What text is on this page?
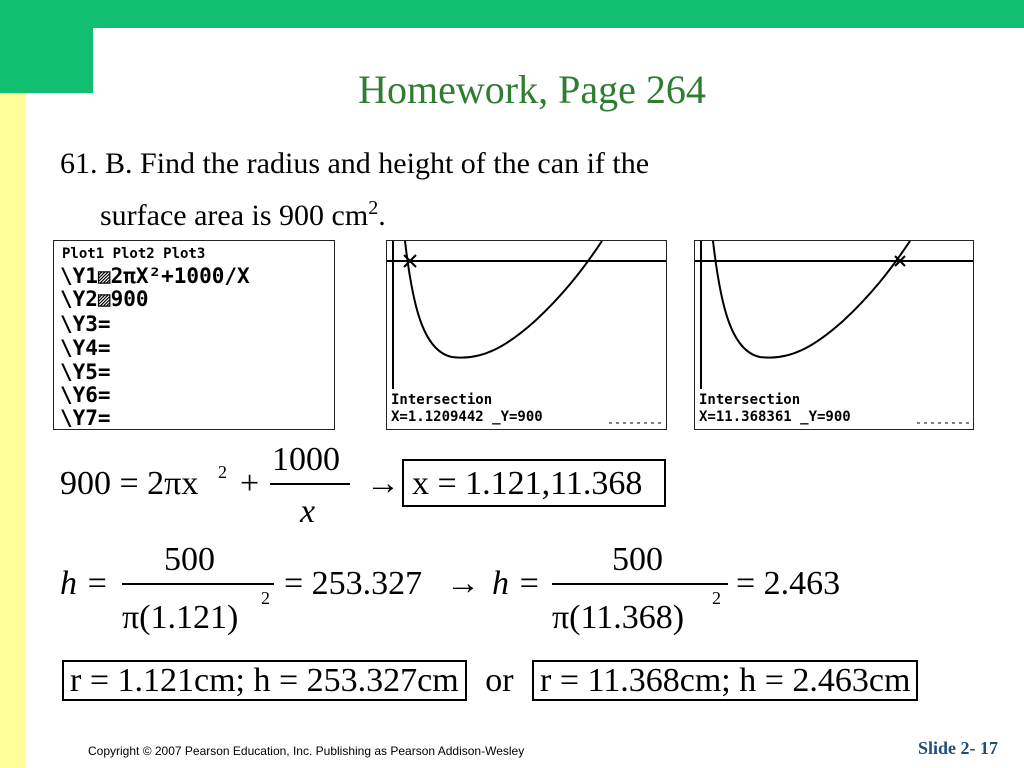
Homework, Page 264
61. B. Find the radius and height of the can if the
surface area is 900 $cm^2$.
Plot1 Plot2 Plot3
\Y1▨2πX²+1000/X
\Y2▨900
\Y3=
\Y4=
\Y5=
\Y6=
\Y7=
Intersection
X=1.1209442 _Y=900
Intersection
X=11.368361 _Y=900
900 = 2πx 2 +
1000
x
→ x = 1.121,11.368
h =
500
π(1.121)
2 = 253.327 → h =
500
π(11.368)
2 = 2.463
r = 1.121cm; h = 253.327cm or r = 11.368cm; h = 2.463cm
Copyright © 2007 Pearson Education, Inc. Publishing as Pearson Addison-Wesley	Slide 2- 17
